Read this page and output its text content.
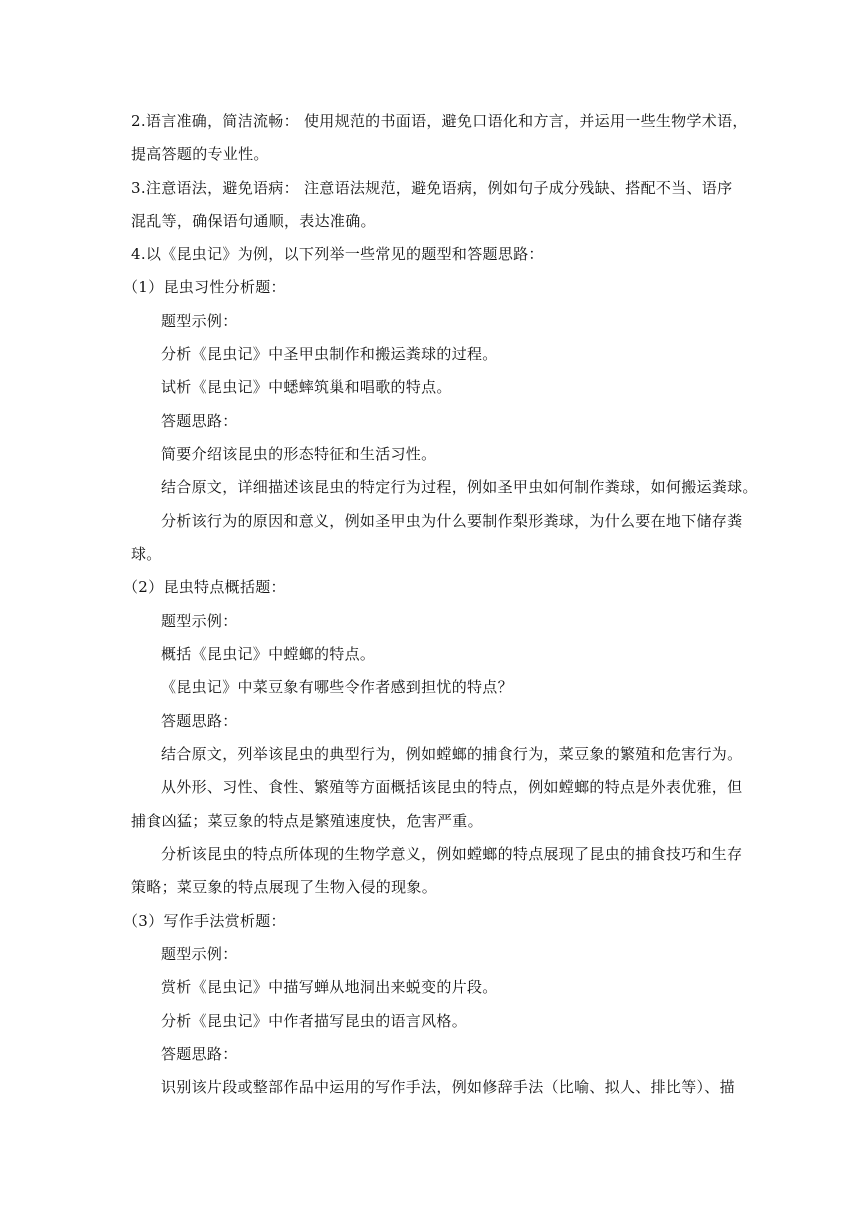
2.语言准确，简洁流畅： 使用规范的书面语，避免口语化和方言，并运用一些生物学术语，
提高答题的专业性。
3.注意语法，避免语病： 注意语法规范，避免语病，例如句子成分残缺、搭配不当、语序
混乱等，确保语句通顺，表达准确。
4.以《昆虫记》为例，以下列举一些常见的题型和答题思路：
（1）昆虫习性分析题：
题型示例：
分析《昆虫记》中圣甲虫制作和搬运粪球的过程。
试析《昆虫记》中蟋蟀筑巢和唱歌的特点。
答题思路：
简要介绍该昆虫的形态特征和生活习性。
结合原文，详细描述该昆虫的特定行为过程，例如圣甲虫如何制作粪球，如何搬运粪球。
分析该行为的原因和意义，例如圣甲虫为什么要制作梨形粪球，为什么要在地下储存粪
球。
（2）昆虫特点概括题：
题型示例：
概括《昆虫记》中螳螂的特点。
《昆虫记》中菜豆象有哪些令作者感到担忧的特点？
答题思路：
结合原文，列举该昆虫的典型行为，例如螳螂的捕食行为，菜豆象的繁殖和危害行为。
从外形、习性、食性、繁殖等方面概括该昆虫的特点，例如螳螂的特点是外表优雅，但
捕食凶猛；菜豆象的特点是繁殖速度快，危害严重。
分析该昆虫的特点所体现的生物学意义，例如螳螂的特点展现了昆虫的捕食技巧和生存
策略；菜豆象的特点展现了生物入侵的现象。
（3）写作手法赏析题：
题型示例：
赏析《昆虫记》中描写蝉从地洞出来蜕变的片段。
分析《昆虫记》中作者描写昆虫的语言风格。
答题思路：
识别该片段或整部作品中运用的写作手法，例如修辞手法（比喻、拟人、排比等）、描
